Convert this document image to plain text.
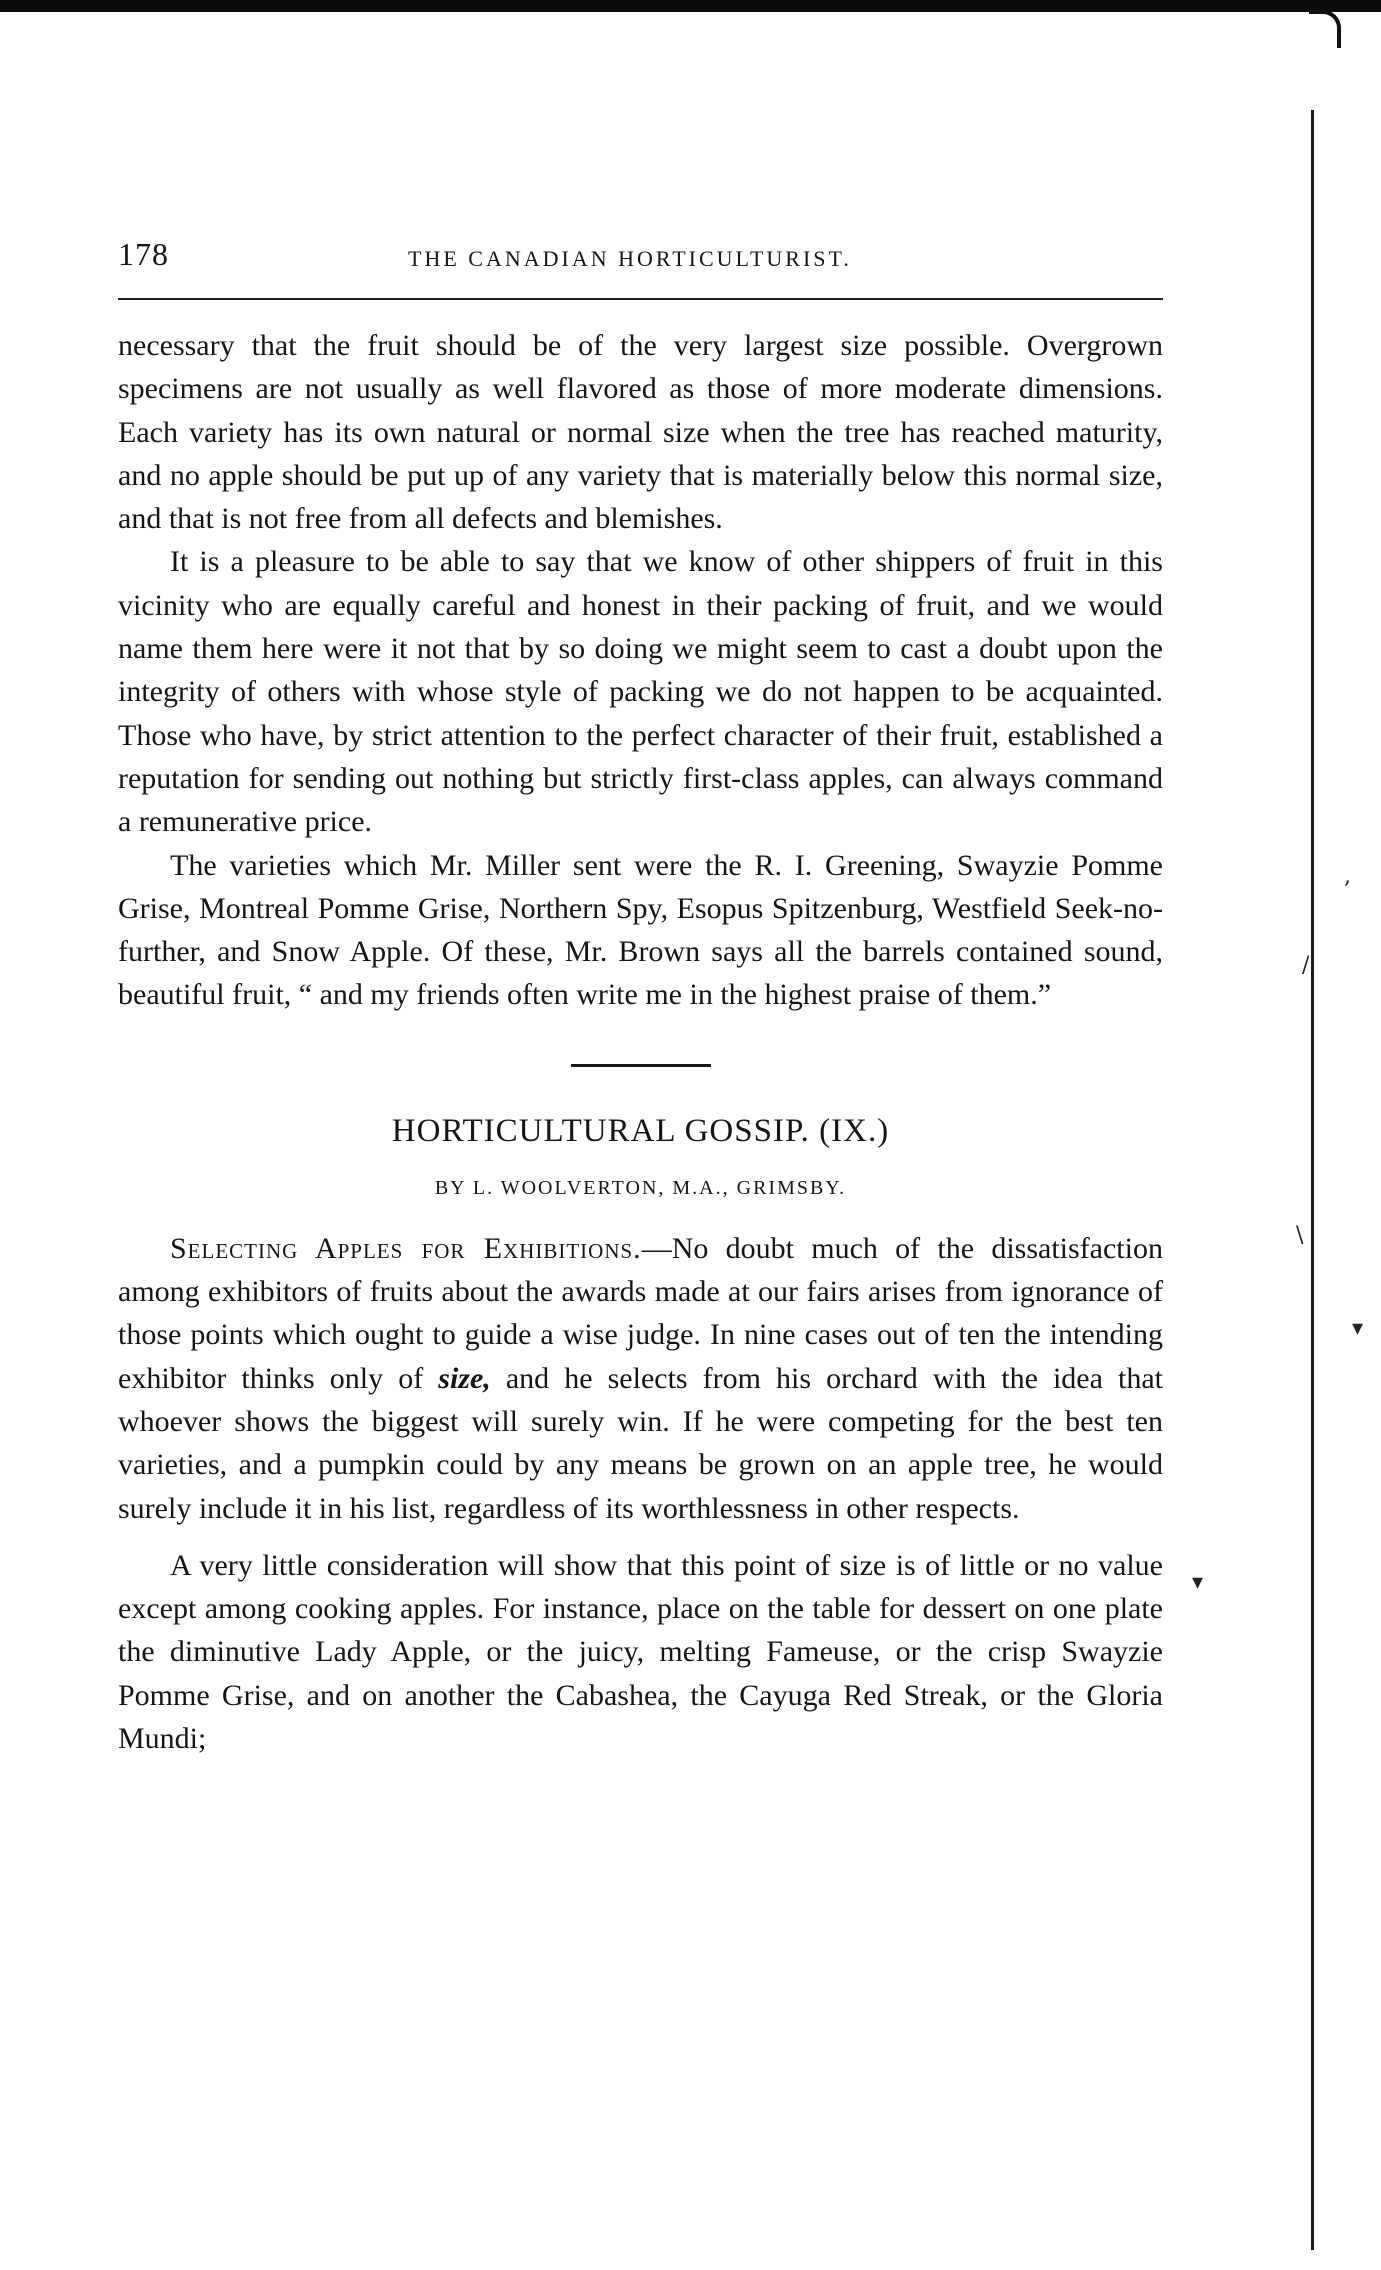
,
/
\
▾
▾
178	THE CANADIAN HORTICULTURIST.

necessary that the fruit should be of the very largest size possible. Overgrown specimens are not usually as well flavored as those of more moderate dimensions. Each variety has its own natural or normal size when the tree has reached maturity, and no apple should be put up of any variety that is materially below this normal size, and that is not free from all defects and blemishes.

It is a pleasure to be able to say that we know of other shippers of fruit in this vicinity who are equally careful and honest in their packing of fruit, and we would name them here were it not that by so doing we might seem to cast a doubt upon the integrity of others with whose style of packing we do not happen to be acquainted. Those who have, by strict attention to the perfect character of their fruit, established a reputation for sending out nothing but strictly first-class apples, can always command a remunerative price.

The varieties which Mr. Miller sent were the R. I. Greening, Swayzie Pomme Grise, Montreal Pomme Grise, Northern Spy, Esopus Spitzenburg, Westfield Seek-no-further, and Snow Apple. Of these, Mr. Brown says all the barrels contained sound, beautiful fruit, “ and my friends often write me in the highest praise of them.”

HORTICULTURAL GOSSIP. (IX.)
BY L. WOOLVERTON, M.A., GRIMSBY.

Selecting Apples for Exhibitions.—No doubt much of the dissatisfaction among exhibitors of fruits about the awards made at our fairs arises from ignorance of those points which ought to guide a wise judge. In nine cases out of ten the intending exhibitor thinks only of size, and he selects from his orchard with the idea that whoever shows the biggest will surely win. If he were competing for the best ten varieties, and a pumpkin could by any means be grown on an apple tree, he would surely include it in his list, regardless of its worthlessness in other respects.

A very little consideration will show that this point of size is of little or no value except among cooking apples. For instance, place on the table for dessert on one plate the diminutive Lady Apple, or the juicy, melting Fameuse, or the crisp Swayzie Pomme Grise, and on another the Cabashea, the Cayuga Red Streak, or the Gloria Mundi;
